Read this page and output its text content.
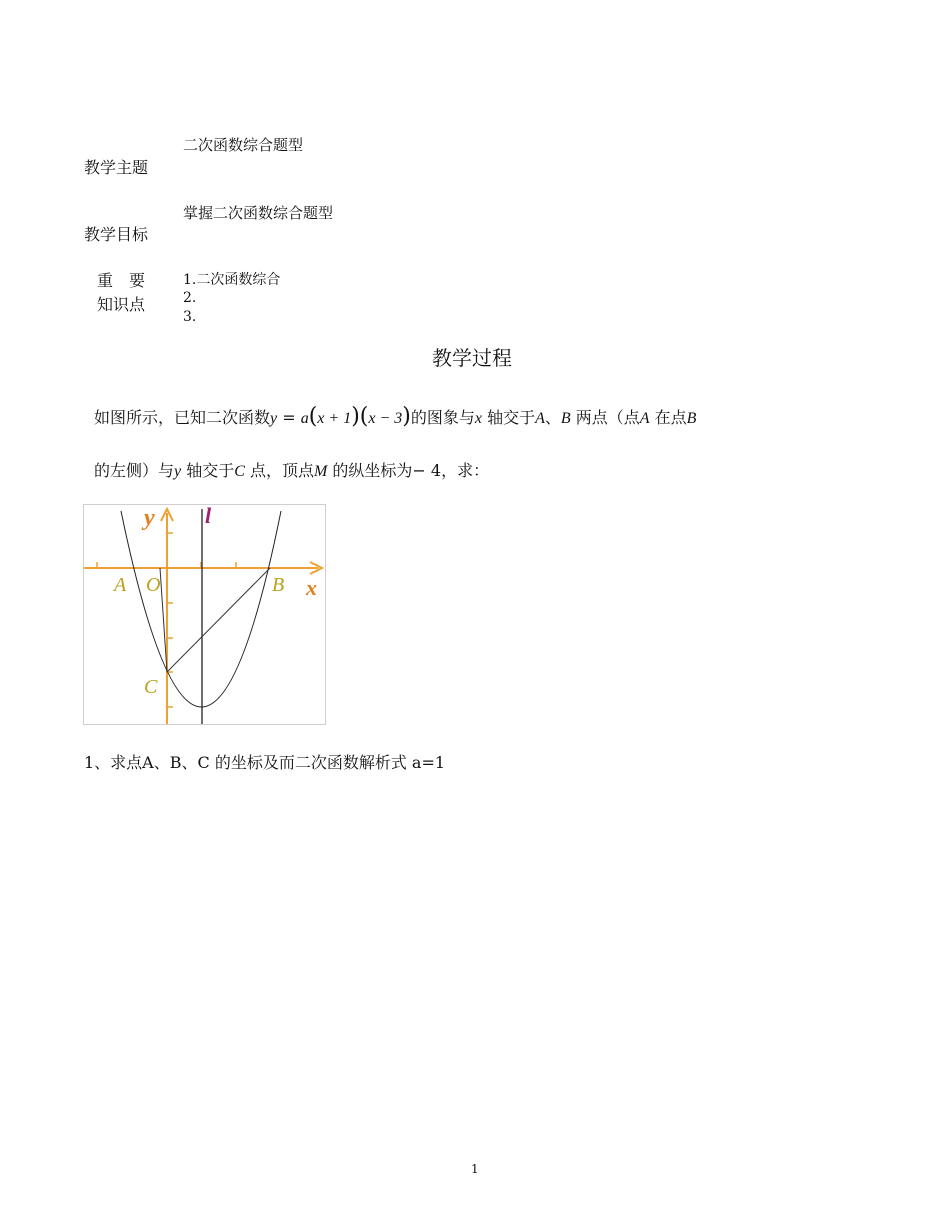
二次函数综合题型
教学主题
掌握二次函数综合题型
教学目标
重　要
知识点
1.二次函数综合
2.
3.
教学过程
如图所示，已知二次函数y = a(x + 1)(x − 3)的图象与x 轴交于A、B 两点（点A 在点B
的左侧）与y 轴交于C 点，顶点M 的纵坐标为− 4，求：
y l
A O	B x
C
1、求点A、B、C 的坐标及而二次函数解析式 a=1
1
